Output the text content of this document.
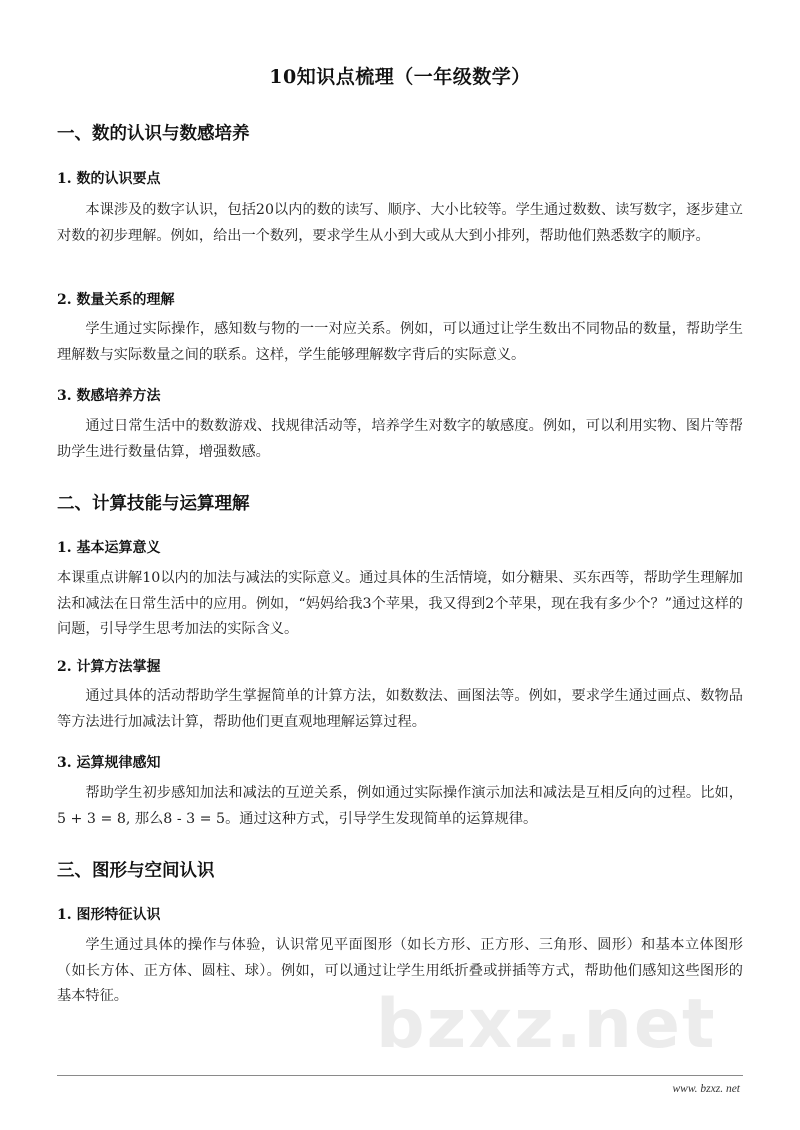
bzxz.net
10知识点梳理（一年级数学）
一、数的认识与数感培养
1. 数的认识要点
本课涉及的数字认识，包括20以内的数的读写、顺序、大小比较等。学生通过数数、读写数字，逐步建立对数的初步理解。例如，给出一个数列，要求学生从小到大或从大到小排列，帮助他们熟悉数字的顺序。
2. 数量关系的理解
学生通过实际操作，感知数与物的一一对应关系。例如，可以通过让学生数出不同物品的数量，帮助学生理解数与实际数量之间的联系。这样，学生能够理解数字背后的实际意义。
3. 数感培养方法
通过日常生活中的数数游戏、找规律活动等，培养学生对数字的敏感度。例如，可以利用实物、图片等帮助学生进行数量估算，增强数感。
二、计算技能与运算理解
1. 基本运算意义
本课重点讲解10以内的加法与减法的实际意义。通过具体的生活情境，如分糖果、买东西等，帮助学生理解加法和减法在日常生活中的应用。例如，“妈妈给我3个苹果，我又得到2个苹果，现在我有多少个？”通过这样的问题，引导学生思考加法的实际含义。
2. 计算方法掌握
通过具体的活动帮助学生掌握简单的计算方法，如数数法、画图法等。例如，要求学生通过画点、数物品等方法进行加减法计算，帮助他们更直观地理解运算过程。
3. 运算规律感知
帮助学生初步感知加法和减法的互逆关系，例如通过实际操作演示加法和减法是互相反向的过程。比如，5 + 3 = 8, 那么8 - 3 = 5。通过这种方式，引导学生发现简单的运算规律。
三、图形与空间认识
1. 图形特征认识
学生通过具体的操作与体验，认识常见平面图形（如长方形、正方形、三角形、圆形）和基本立体图形（如长方体、正方体、圆柱、球）。例如，可以通过让学生用纸折叠或拼插等方式，帮助他们感知这些图形的基本特征。
www. bzxz. net
